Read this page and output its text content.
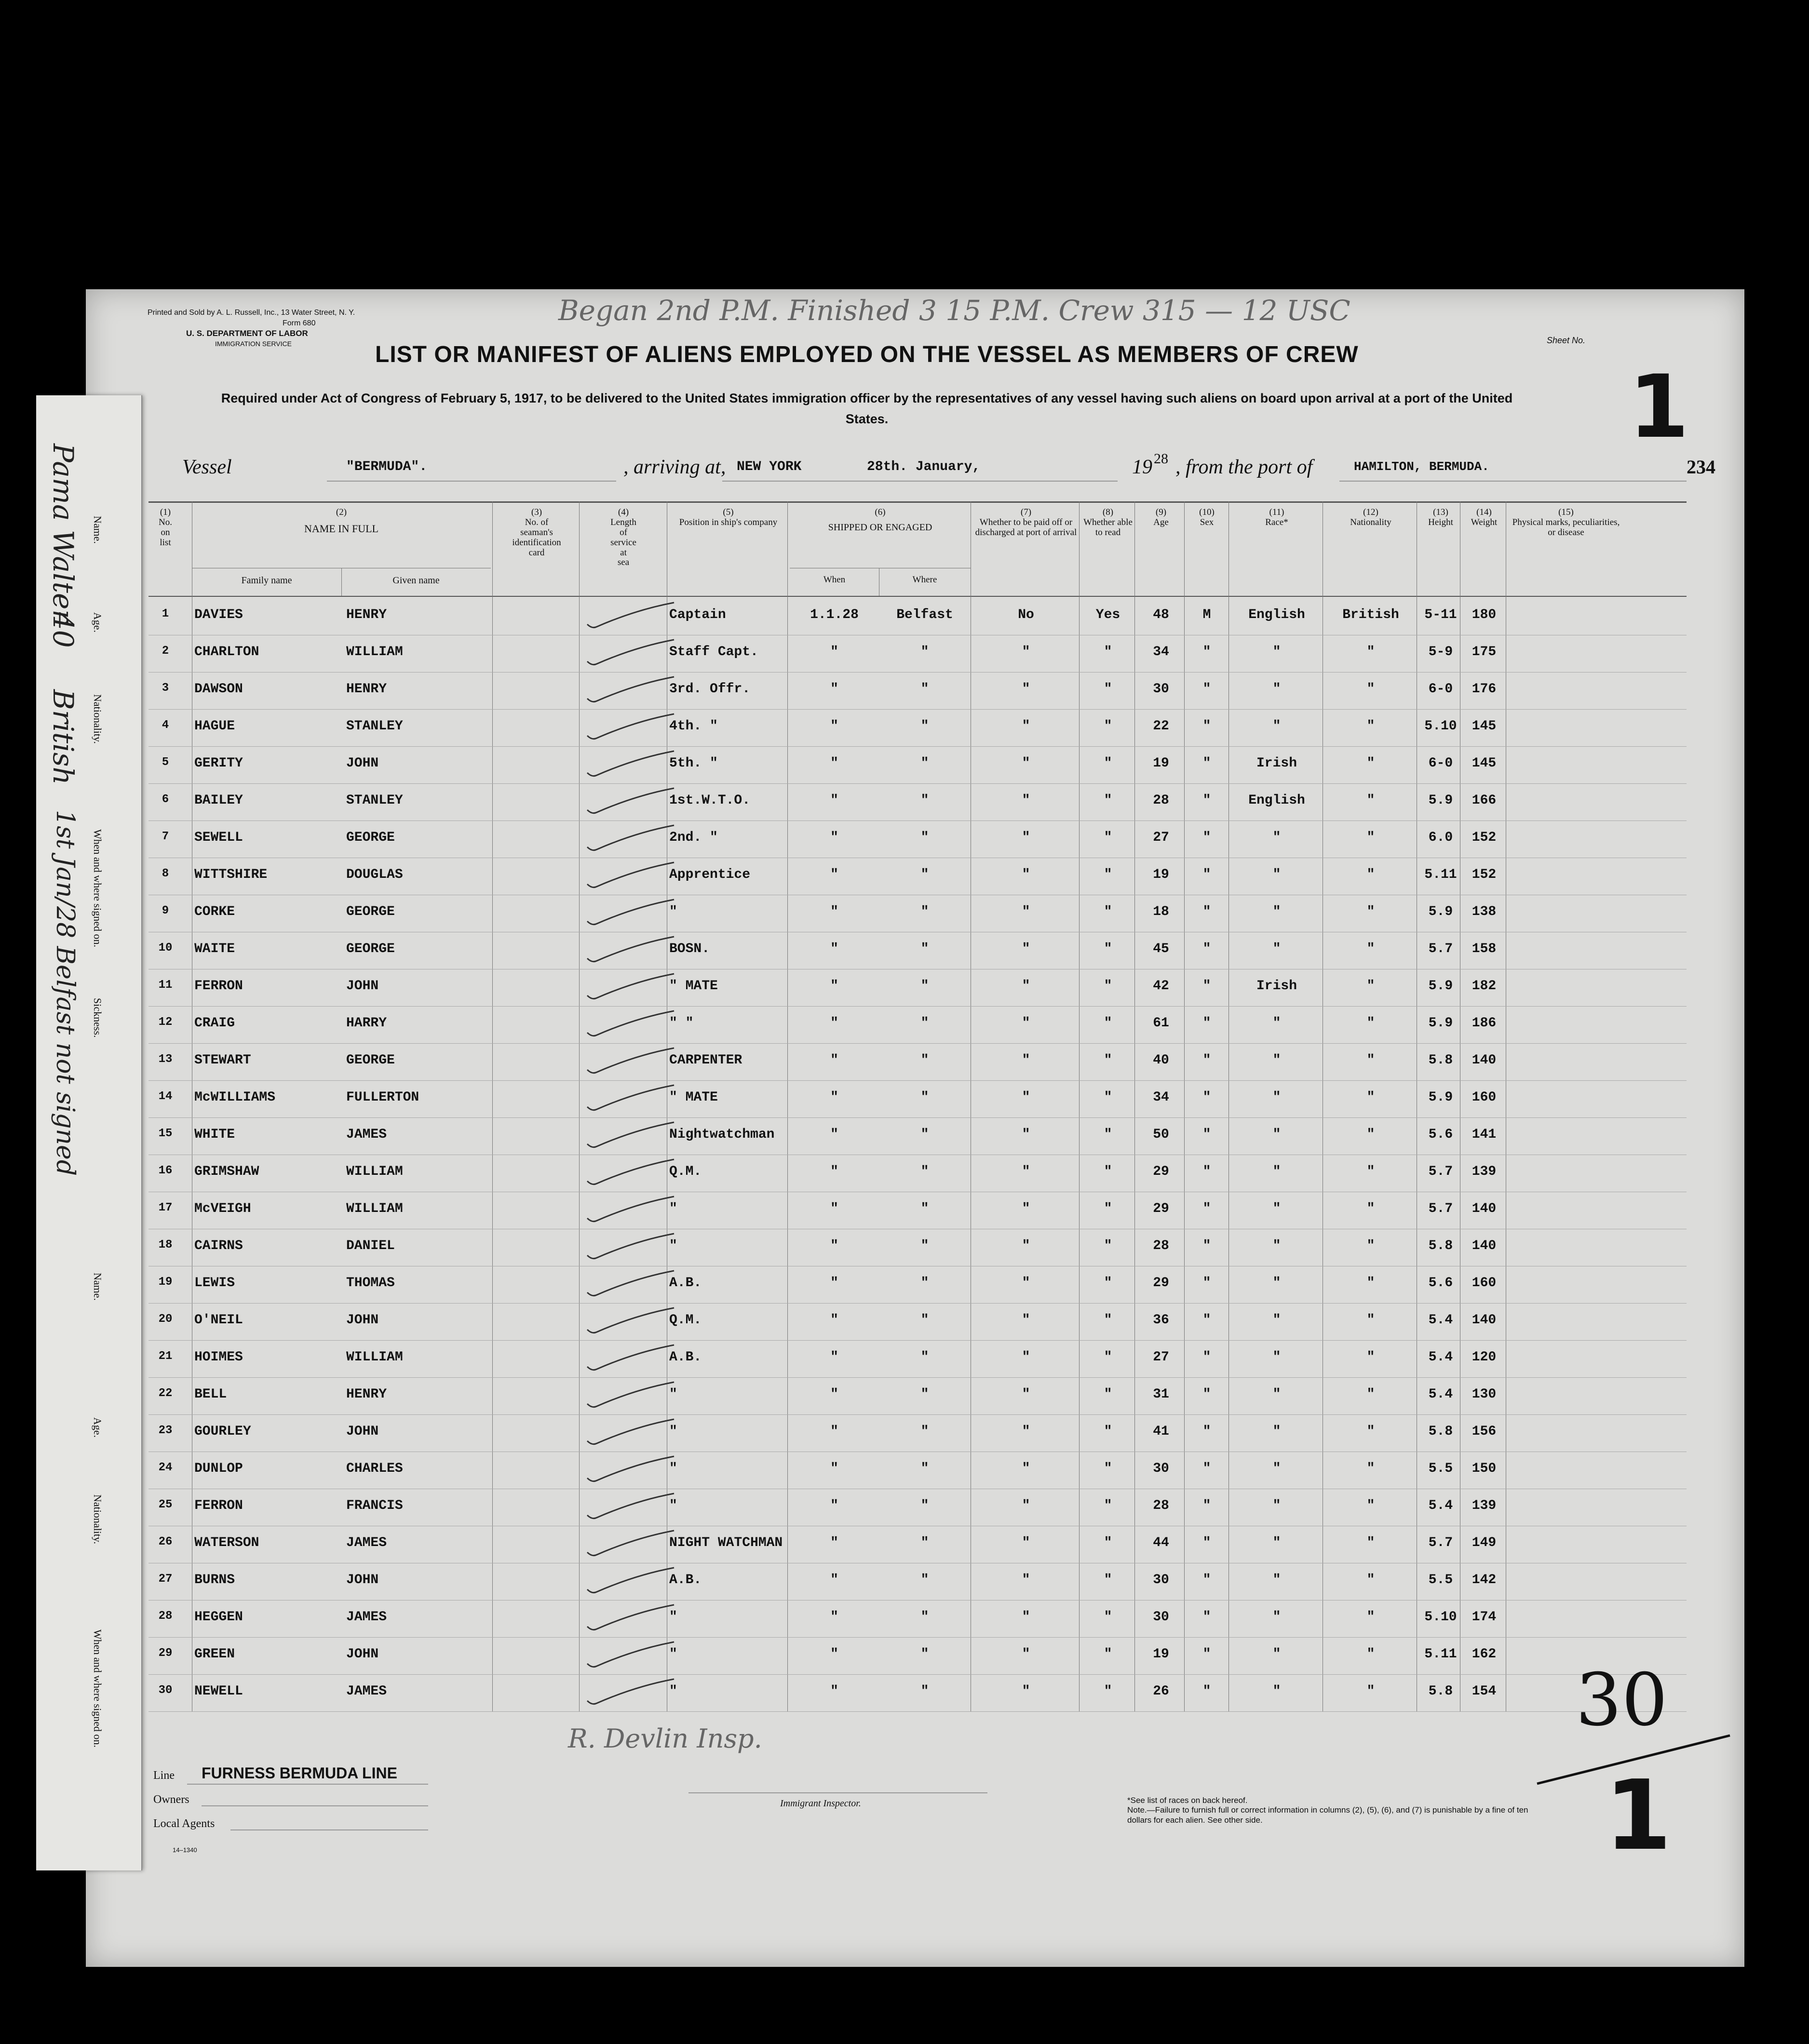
Printed and Sold by A. L. Russell, Inc., 13 Water Street, N. Y.
Form 680
U. S. DEPARTMENT OF LABOR
IMMIGRATION SERVICE
Began 2nd P.M. Finished 3 15 P.M. Crew 315 — 12 USC
Sheet No.
1
LIST OR MANIFEST OF ALIENS EMPLOYED ON THE VESSEL AS MEMBERS OF CREW
Required under Act of Congress of February 5, 1917, to be delivered to the United States immigration officer by the representatives of any vessel having such aliens on board upon arrival at a port of the United States.
234
Vessel	"BERMUDA".	, arriving at, NEW YORK	28th. January,	19 28 , from the port of	HAMILTON, BERMUDA.
(1)
No.
on
list
(2)
NAME IN FULL
Family name	Given name
(3)
No. of
seaman's
identification
card
(4)
Length
of
service
at
sea
(5)
Position in ship's company
(6)
SHIPPED OR ENGAGED
When	Where
(7)
Whether to be paid off or discharged at port of arrival
(8)
Whether able to read
(9)
Age
(10)
Sex
(11)
Race*
(12)
Nationality
(13)
Height
(14)
Weight
(15)
Physical marks, peculiarities, or disease
1	DAVIES	HENRY	Captain	1.1.28	Belfast	No	Yes	48	M	English	British	5-11	180
2	CHARLTON	WILLIAM	Staff Capt.	"	"	"	"	34	"	"	"	5-9	175
3	DAWSON	HENRY	3rd. Offr.	"	"	"	"	30	"	"	"	6-0	176
4	HAGUE	STANLEY	4th. "	"	"	"	"	22	"	"	"	5.10	145
5	GERITY	JOHN	5th. "	"	"	"	"	19	"	Irish	"	6-0	145
6	BAILEY	STANLEY	1st.W.T.O.	"	"	"	"	28	"	English	"	5.9	166
7	SEWELL	GEORGE	2nd. "	"	"	"	"	27	"	"	"	6.0	152
8	WITTSHIRE	DOUGLAS	Apprentice	"	"	"	"	19	"	"	"	5.11	152
9	CORKE	GEORGE	"	"	"	"	"	18	"	"	"	5.9	138
10	WAITE	GEORGE	BOSN.	"	"	"	"	45	"	"	"	5.7	158
11	FERRON	JOHN	" MATE	"	"	"	"	42	"	Irish	"	5.9	182
12	CRAIG	HARRY	" "	"	"	"	"	61	"	"	"	5.9	186
13	STEWART	GEORGE	CARPENTER	"	"	"	"	40	"	"	"	5.8	140
14	McWILLIAMS	FULLERTON	" MATE	"	"	"	"	34	"	"	"	5.9	160
15	WHITE	JAMES	Nightwatchman	"	"	"	"	50	"	"	"	5.6	141
16	GRIMSHAW	WILLIAM	Q.M.	"	"	"	"	29	"	"	"	5.7	139
17	McVEIGH	WILLIAM	"	"	"	"	"	29	"	"	"	5.7	140
18	CAIRNS	DANIEL	"	"	"	"	"	28	"	"	"	5.8	140
19	LEWIS	THOMAS	A.B.	"	"	"	"	29	"	"	"	5.6	160
20	O'NEIL	JOHN	Q.M.	"	"	"	"	36	"	"	"	5.4	140
21	HOIMES	WILLIAM	A.B.	"	"	"	"	27	"	"	"	5.4	120
22	BELL	HENRY	"	"	"	"	"	31	"	"	"	5.4	130
23	GOURLEY	JOHN	"	"	"	"	"	41	"	"	"	5.8	156
24	DUNLOP	CHARLES	"	"	"	"	"	30	"	"	"	5.5	150
25	FERRON	FRANCIS	"	"	"	"	"	28	"	"	"	5.4	139
26	WATERSON	JAMES	NIGHT WATCHMAN	"	"	"	"	44	"	"	"	5.7	149
27	BURNS	JOHN	A.B.	"	"	"	"	30	"	"	"	5.5	142
28	HEGGEN	JAMES	"	"	"	"	"	30	"	"	"	5.10	174
29	GREEN	JOHN	"	"	"	"	"	19	"	"	"	5.11	162
30	NEWELL	JAMES	"	"	"	"	"	26	"	"	"	5.8	154
R. Devlin Insp.	30
Line FURNESS BERMUDA LINE
Owners
Local Agents
14–1340
Immigrant Inspector.	*See list of races on back hereof.
Note.—Failure to furnish full or correct information in columns (2), (5), (6), and (7) is punishable by a fine of ten dollars for each alien. See other side.	1
Name.
Age.
Nationality.
When and where signed on.
Sickness.
Name.
Age.
Nationality.
When and where signed on.
Pama Walter
40
British
1st Jan/28 Belfast not signed
